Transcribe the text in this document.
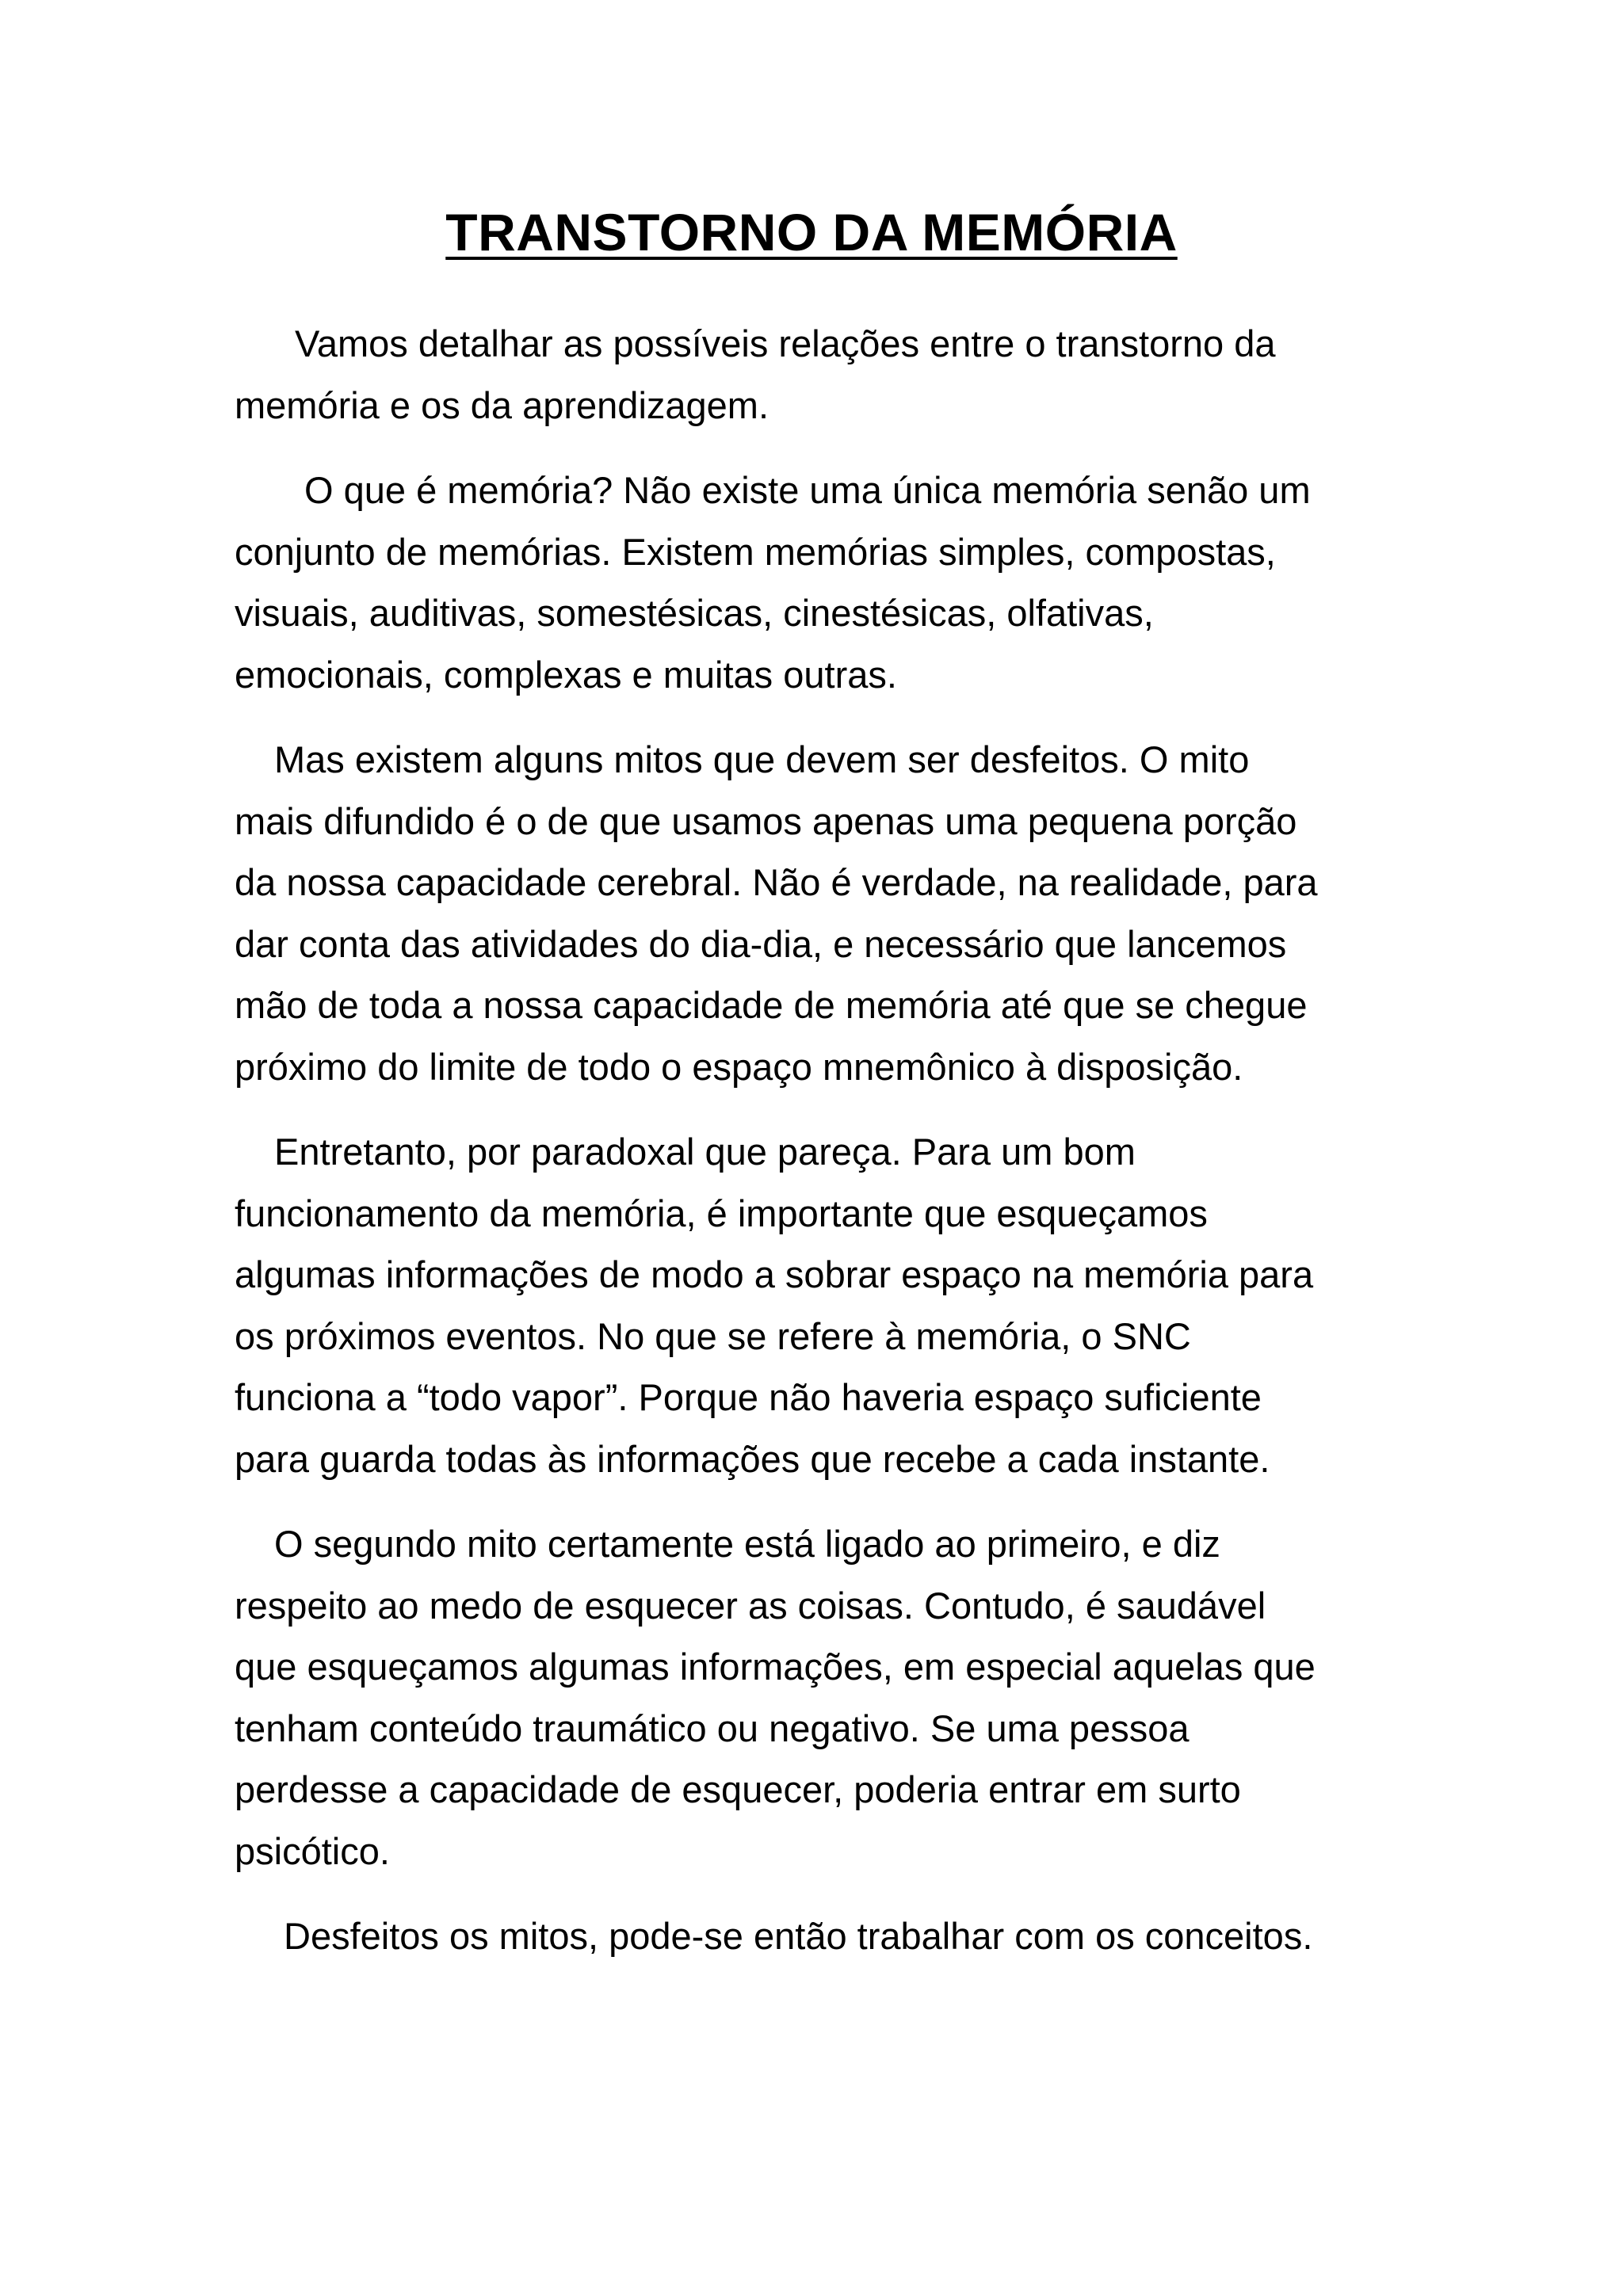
TRANSTORNO DA MEMÓRIA

Vamos detalhar as possíveis relações entre o transtorno da
memória e os da aprendizagem.

O que é memória? Não existe uma única memória senão um
conjunto de memórias. Existem memórias simples, compostas,
visuais, auditivas, somestésicas, cinestésicas, olfativas,
emocionais, complexas e muitas outras.

Mas existem alguns mitos que devem ser desfeitos. O mito
mais difundido é o de que usamos apenas uma pequena porção
da nossa capacidade cerebral. Não é verdade, na realidade, para
dar conta das atividades do dia-dia, e necessário que lancemos
mão de toda a nossa capacidade de memória até que se chegue
próximo do limite de todo o espaço mnemônico à disposição.

Entretanto, por paradoxal que pareça. Para um bom
funcionamento da memória, é importante que esqueçamos
algumas informações de modo a sobrar espaço na memória para
os próximos eventos. No que se refere à memória, o SNC
funciona a “todo vapor”. Porque não haveria espaço suficiente
para guarda todas às informações que recebe a cada instante.

O segundo mito certamente está ligado ao primeiro, e diz
respeito ao medo de esquecer as coisas. Contudo, é saudável
que esqueçamos algumas informações, em especial aquelas que
tenham conteúdo traumático ou negativo. Se uma pessoa
perdesse a capacidade de esquecer, poderia entrar em surto
psicótico.

Desfeitos os mitos, pode-se então trabalhar com os conceitos.
